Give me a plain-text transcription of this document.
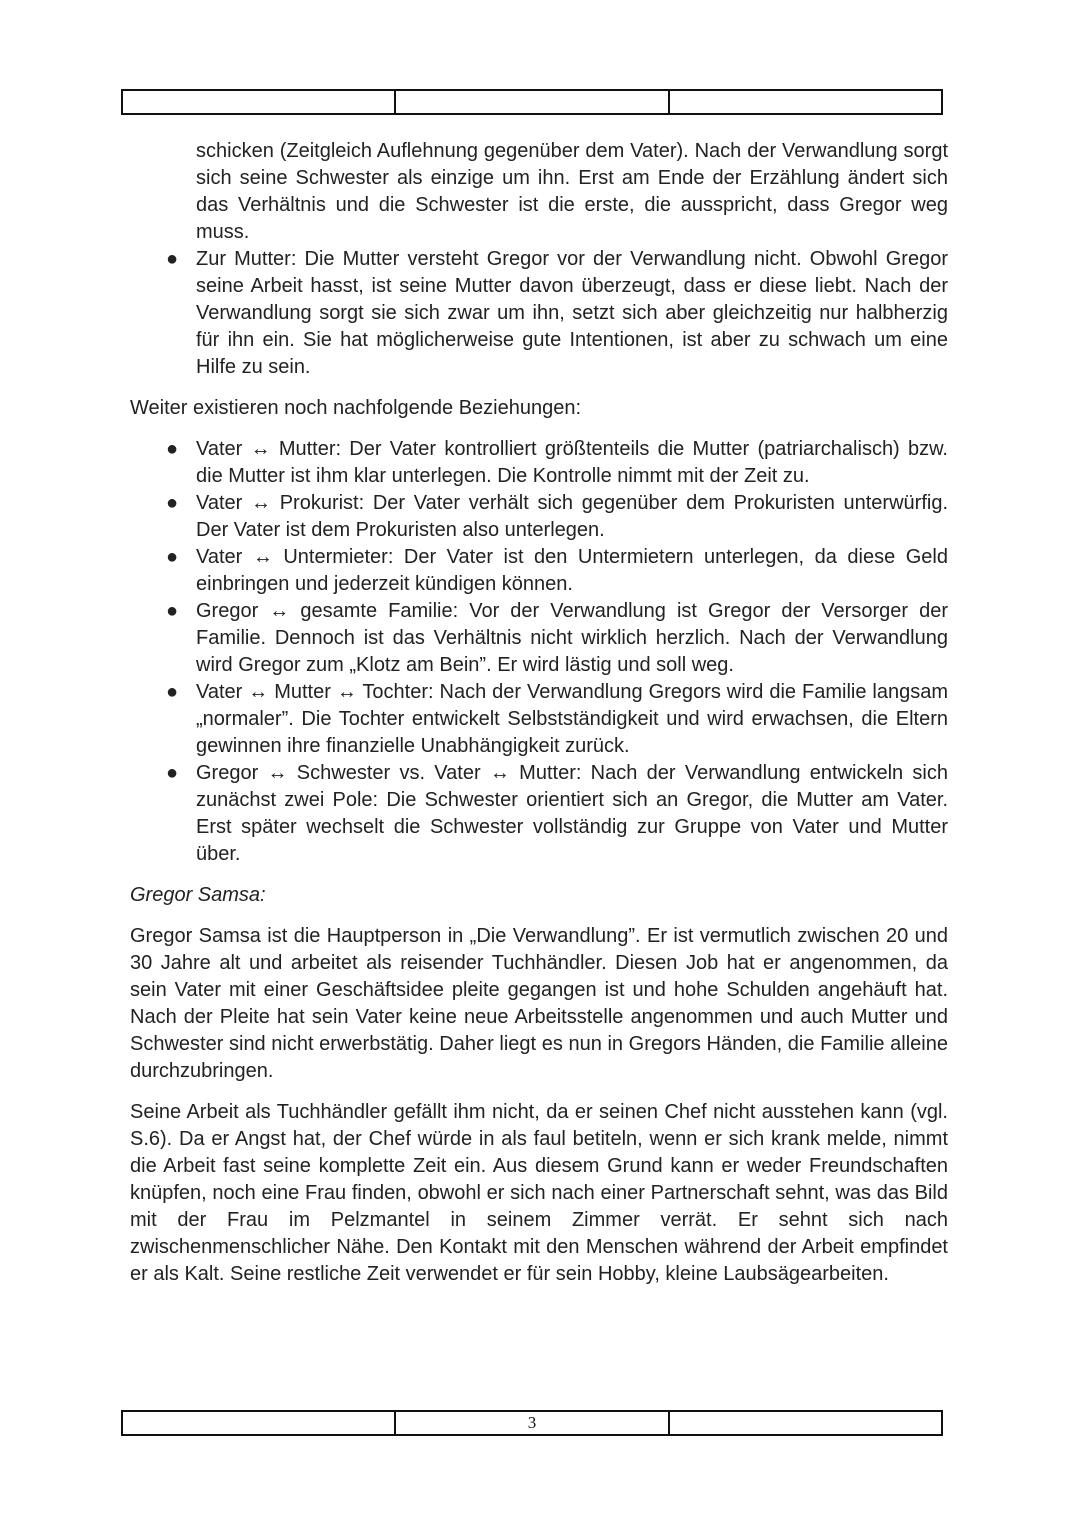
schicken (Zeitgleich Auflehnung gegenüber dem Vater). Nach der Verwandlung sorgt sich seine Schwester als einzige um ihn. Erst am Ende der Erzählung ändert sich das Verhältnis und die Schwester ist die erste, die ausspricht, dass Gregor weg muss.

● Zur Mutter: Die Mutter versteht Gregor vor der Verwandlung nicht. Obwohl Gregor seine Arbeit hasst, ist seine Mutter davon überzeugt, dass er diese liebt. Nach der Verwandlung sorgt sie sich zwar um ihn, setzt sich aber gleichzeitig nur halbherzig für ihn ein. Sie hat möglicherweise gute Intentionen, ist aber zu schwach um eine Hilfe zu sein.

Weiter existieren noch nachfolgende Beziehungen:

● Vater ↔ Mutter: Der Vater kontrolliert größtenteils die Mutter (patriarchalisch) bzw. die Mutter ist ihm klar unterlegen. Die Kontrolle nimmt mit der Zeit zu.
● Vater ↔ Prokurist: Der Vater verhält sich gegenüber dem Prokuristen unterwürfig. Der Vater ist dem Prokuristen also unterlegen.
● Vater ↔ Untermieter: Der Vater ist den Untermietern unterlegen, da diese Geld einbringen und jederzeit kündigen können.
● Gregor ↔ gesamte Familie: Vor der Verwandlung ist Gregor der Versorger der Familie. Dennoch ist das Verhältnis nicht wirklich herzlich. Nach der Verwandlung wird Gregor zum „Klotz am Bein”. Er wird lästig und soll weg.
● Vater ↔ Mutter ↔ Tochter: Nach der Verwandlung Gregors wird die Familie langsam „normaler”. Die Tochter entwickelt Selbstständigkeit und wird erwachsen, die Eltern gewinnen ihre finanzielle Unabhängigkeit zurück.
● Gregor ↔ Schwester vs. Vater ↔ Mutter: Nach der Verwandlung entwickeln sich zunächst zwei Pole: Die Schwester orientiert sich an Gregor, die Mutter am Vater. Erst später wechselt die Schwester vollständig zur Gruppe von Vater und Mutter über.

Gregor Samsa:

Gregor Samsa ist die Hauptperson in „Die Verwandlung”. Er ist vermutlich zwischen 20 und 30 Jahre alt und arbeitet als reisender Tuchhändler. Diesen Job hat er angenommen, da sein Vater mit einer Geschäftsidee pleite gegangen ist und hohe Schulden angehäuft hat. Nach der Pleite hat sein Vater keine neue Arbeitsstelle angenommen und auch Mutter und Schwester sind nicht erwerbstätig. Daher liegt es nun in Gregors Händen, die Familie alleine durchzubringen.

Seine Arbeit als Tuchhändler gefällt ihm nicht, da er seinen Chef nicht ausstehen kann (vgl. S.6). Da er Angst hat, der Chef würde in als faul betiteln, wenn er sich krank melde, nimmt die Arbeit fast seine komplette Zeit ein. Aus diesem Grund kann er weder Freundschaften knüpfen, noch eine Frau finden, obwohl er sich nach einer Partnerschaft sehnt, was das Bild mit der Frau im Pelzmantel in seinem Zimmer verrät. Er sehnt sich nach zwischenmenschlicher Nähe. Den Kontakt mit den Menschen während der Arbeit empfindet er als Kalt. Seine restliche Zeit verwendet er für sein Hobby, kleine Laubsägearbeiten.

3
